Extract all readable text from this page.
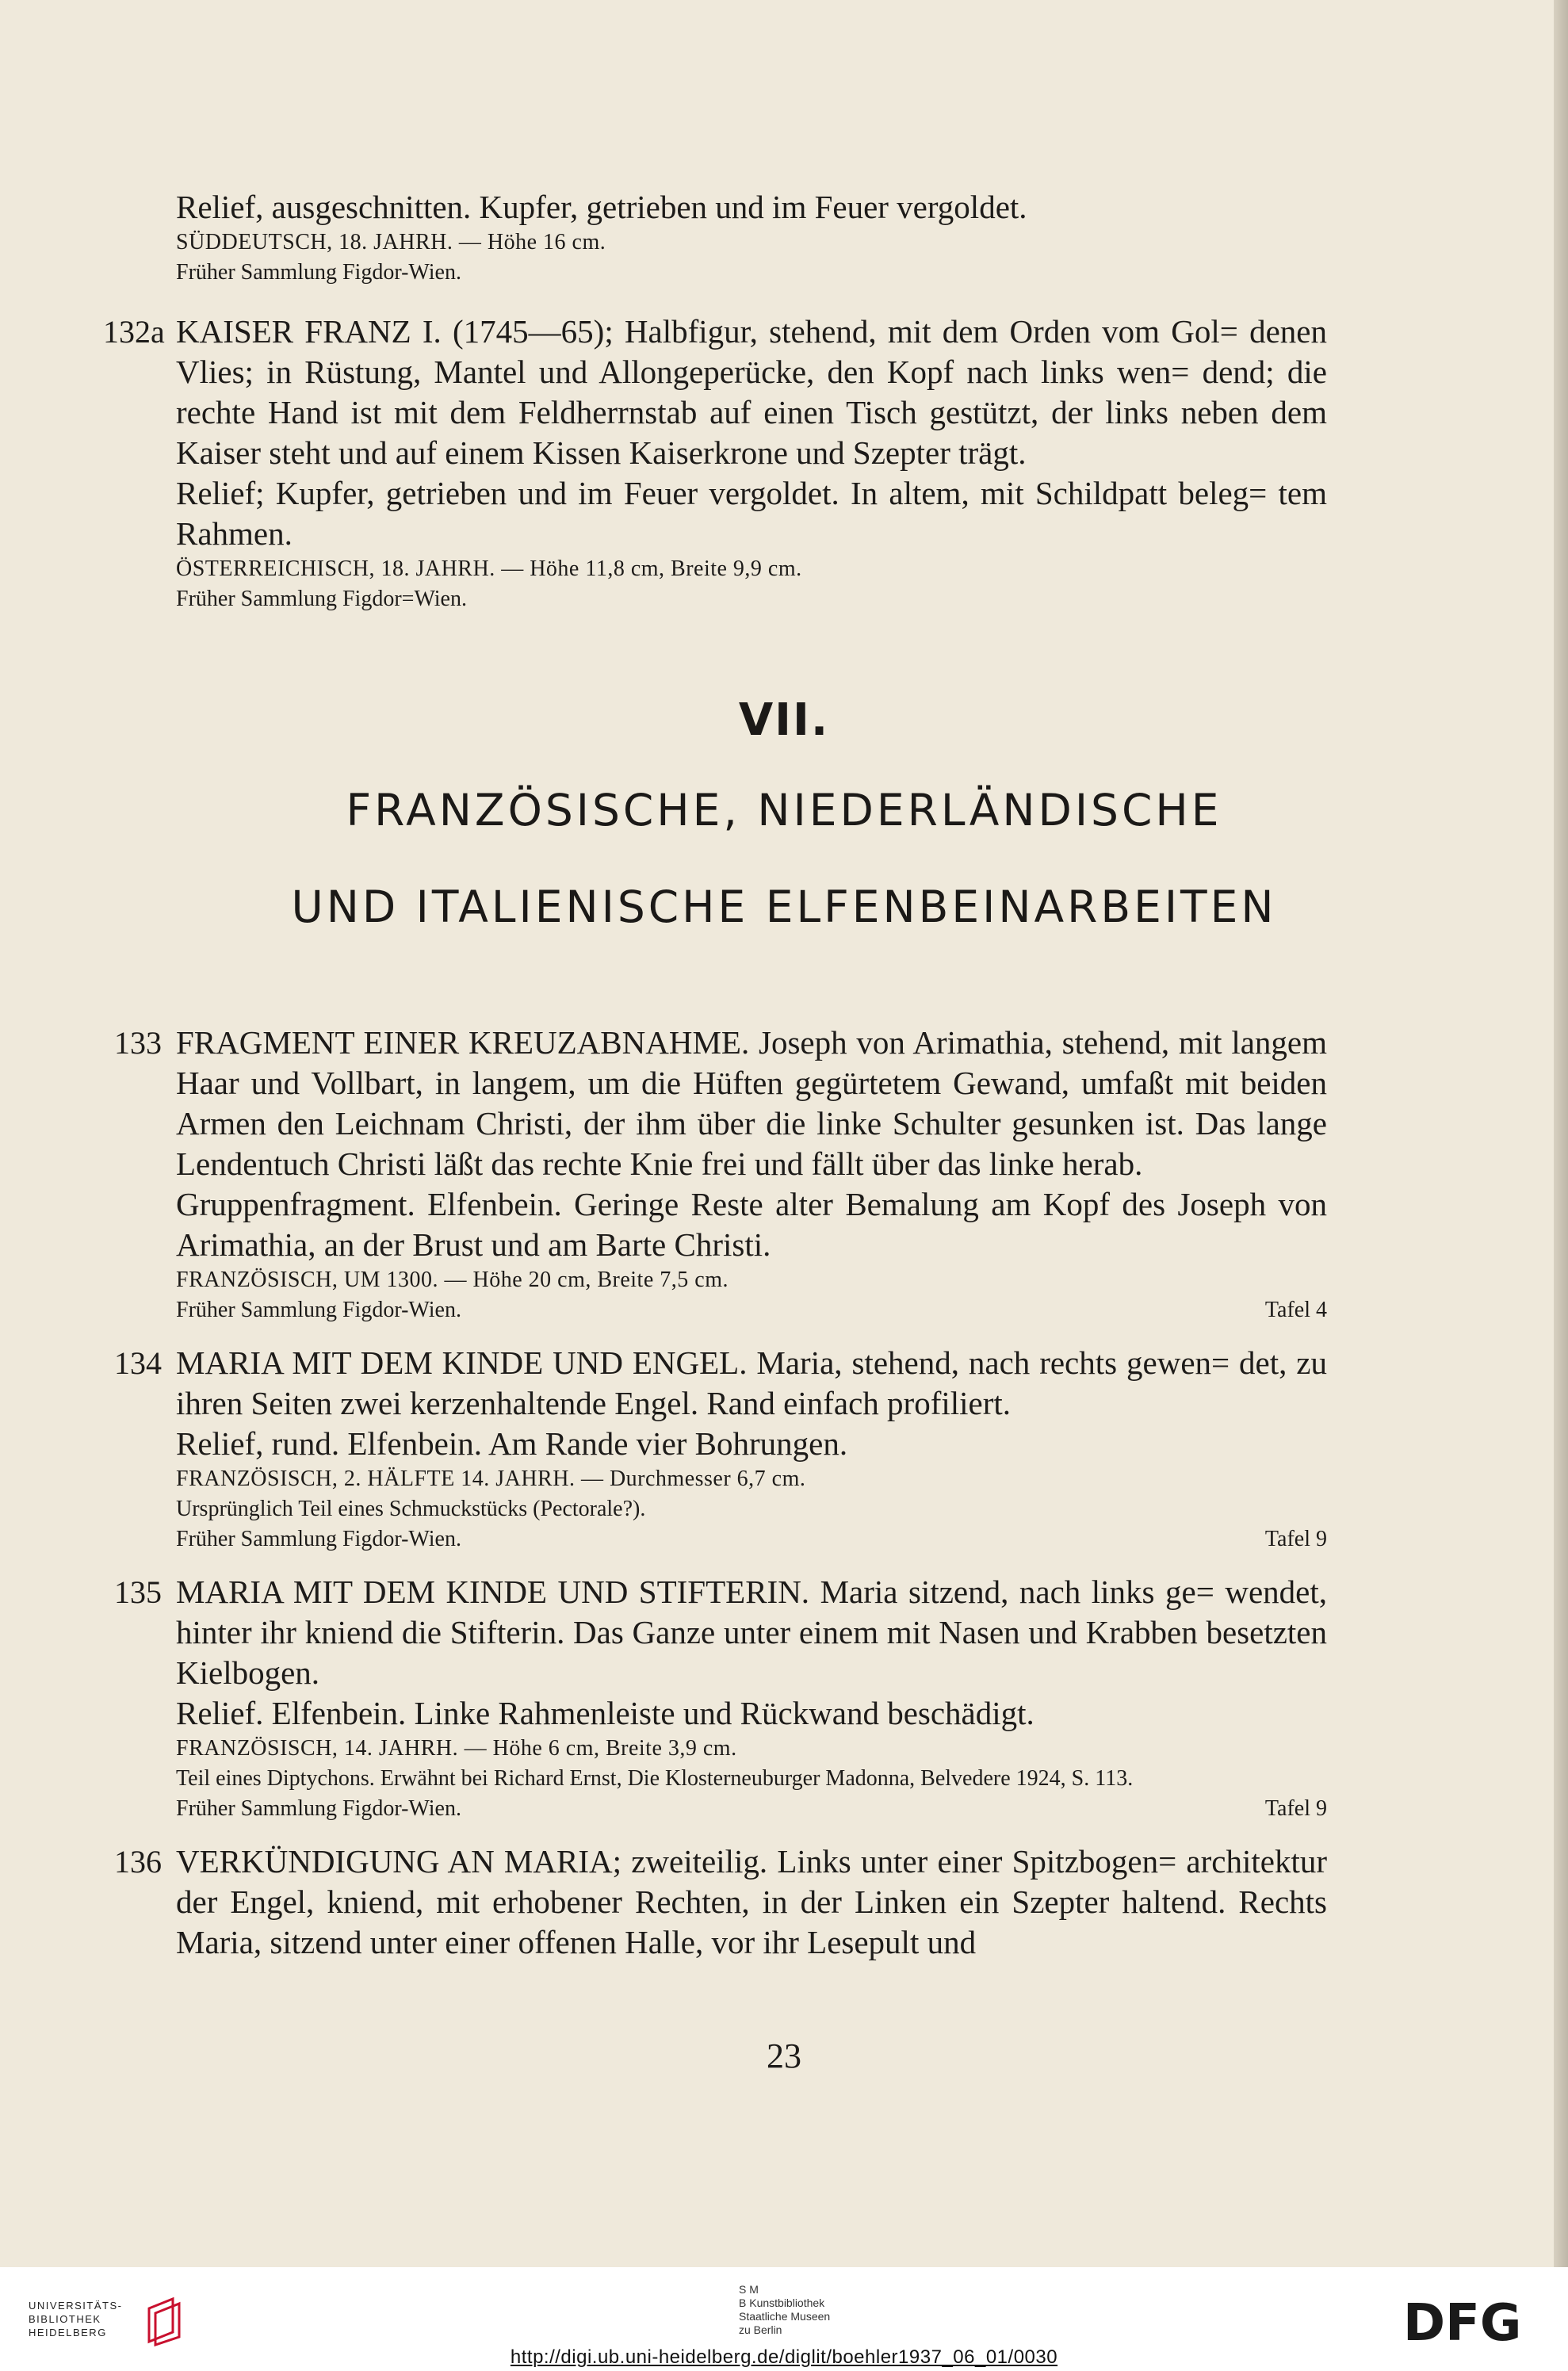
Relief, ausgeschnitten. Kupfer, getrieben und im Feuer vergoldet.
SÜDDEUTSCH, 18. JAHRH. — Höhe 16 cm.
Früher Sammlung Figdor-Wien.
132a KAISER FRANZ I. (1745—65); Halbfigur, stehend, mit dem Orden vom Gol= denen Vlies; in Rüstung, Mantel und Allongeperücke, den Kopf nach links wen= dend; die rechte Hand ist mit dem Feldherrnstab auf einen Tisch gestützt, der links neben dem Kaiser steht und auf einem Kissen Kaiserkrone und Szepter trägt.
Relief; Kupfer, getrieben und im Feuer vergoldet. In altem, mit Schildpatt beleg= tem Rahmen.
ÖSTERREICHISCH, 18. JAHRH. — Höhe 11,8 cm, Breite 9,9 cm.
Früher Sammlung Figdor=Wien.
VII.
FRANZÖSISCHE, NIEDERLÄNDISCHE
UND ITALIENISCHE ELFENBEINARBEITEN
133 FRAGMENT EINER KREUZABNAHME. Joseph von Arimathia, stehend, mit langem Haar und Vollbart, in langem, um die Hüften gegürtetem Gewand, umfaßt mit beiden Armen den Leichnam Christi, der ihm über die linke Schulter gesunken ist. Das lange Lendentuch Christi läßt das rechte Knie frei und fällt über das linke herab.
Gruppenfragment. Elfenbein. Geringe Reste alter Bemalung am Kopf des Joseph von Arimathia, an der Brust und am Barte Christi.
FRANZÖSISCH, UM 1300. — Höhe 20 cm, Breite 7,5 cm.
Früher Sammlung Figdor-Wien.	Tafel 4
134 MARIA MIT DEM KINDE UND ENGEL. Maria, stehend, nach rechts gewen= det, zu ihren Seiten zwei kerzenhaltende Engel. Rand einfach profiliert.
Relief, rund. Elfenbein. Am Rande vier Bohrungen.
FRANZÖSISCH, 2. HÄLFTE 14. JAHRH. — Durchmesser 6,7 cm.
Ursprünglich Teil eines Schmuckstücks (Pectorale?).
Früher Sammlung Figdor-Wien.	Tafel 9
135 MARIA MIT DEM KINDE UND STIFTERIN. Maria sitzend, nach links ge= wendet, hinter ihr kniend die Stifterin. Das Ganze unter einem mit Nasen und Krabben besetzten Kielbogen.
Relief. Elfenbein. Linke Rahmenleiste und Rückwand beschädigt.
FRANZÖSISCH, 14. JAHRH. — Höhe 6 cm, Breite 3,9 cm.
Teil eines Diptychons. Erwähnt bei Richard Ernst, Die Klosterneuburger Madonna, Belvedere 1924, S. 113.
Früher Sammlung Figdor-Wien.	Tafel 9
136 VERKÜNDIGUNG AN MARIA; zweiteilig. Links unter einer Spitzbogen= architektur der Engel, kniend, mit erhobener Rechten, in der Linken ein Szepter haltend. Rechts Maria, sitzend unter einer offenen Halle, vor ihr Lesepult und
23
UNIVERSITÄTS-
BIBLIOTHEK
HEIDELBERG
S M
B Kunstbibliothek
Staatliche Museen
zu Berlin	DFG
http://digi.ub.uni-heidelberg.de/diglit/boehler1937_06_01/0030
